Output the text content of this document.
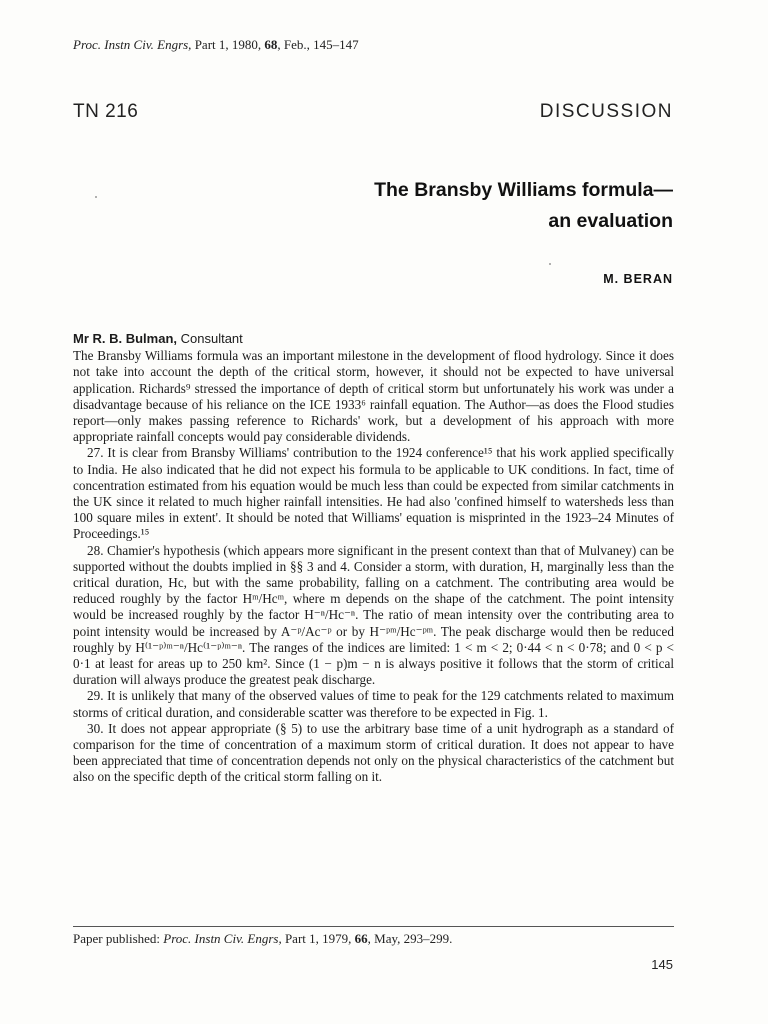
Proc. Instn Civ. Engrs, Part 1, 1980, 68, Feb., 145–147
TN 216	DISCUSSION
The Bransby Williams formula—
an evaluation
M. BERAN
Mr R. B. Bulman, Consultant

The Bransby Williams formula was an important milestone in the development of flood hydrology. Since it does not take into account the depth of the critical storm, however, it should not be expected to have universal application. Richards⁹ stressed the importance of depth of critical storm but unfortunately his work was under a disadvantage because of his reliance on the ICE 1933⁶ rainfall equation. The Author—as does the Flood studies report—only makes passing reference to Richards' work, but a development of his approach with more appropriate rainfall concepts would pay considerable dividends.

27. It is clear from Bransby Williams' contribution to the 1924 conference¹⁵ that his work applied specifically to India. He also indicated that he did not expect his formula to be applicable to UK conditions. In fact, time of concentration estimated from his equation would be much less than could be expected from similar catchments in the UK since it related to much higher rainfall intensities. He had also 'confined himself to watersheds less than 100 square miles in extent'. It should be noted that Williams' equation is misprinted in the 1923–24 Minutes of Proceedings.¹⁵

28. Chamier's hypothesis (which appears more significant in the present context than that of Mulvaney) can be supported without the doubts implied in §§ 3 and 4. Consider a storm, with duration, H, marginally less than the critical duration, Hc, but with the same probability, falling on a catchment. The contributing area would be reduced roughly by the factor Hᵐ/Hcᵐ, where m depends on the shape of the catchment. The point intensity would be increased roughly by the factor H⁻ⁿ/Hc⁻ⁿ. The ratio of mean intensity over the contributing area to point intensity would be increased by A⁻ᵖ/Ac⁻ᵖ or by H⁻ᵖᵐ/Hc⁻ᵖᵐ. The peak discharge would then be reduced roughly by H⁽¹⁻ᵖ⁾ᵐ⁻ⁿ/Hc⁽¹⁻ᵖ⁾ᵐ⁻ⁿ. The ranges of the indices are limited: 1 < m < 2; 0·44 < n < 0·78; and 0 < p < 0·1 at least for areas up to 250 km². Since (1 − p)m − n is always positive it follows that the storm of critical duration will always produce the greatest peak discharge.

29. It is unlikely that many of the observed values of time to peak for the 129 catchments related to maximum storms of critical duration, and considerable scatter was therefore to be expected in Fig. 1.

30. It does not appear appropriate (§ 5) to use the arbitrary base time of a unit hydrograph as a standard of comparison for the time of concentration of a maximum storm of critical duration. It does not appear to have been appreciated that time of concentration depends not only on the physical characteristics of the catchment but also on the specific depth of the critical storm falling on it.

Paper published: Proc. Instn Civ. Engrs, Part 1, 1979, 66, May, 293–299.
145
